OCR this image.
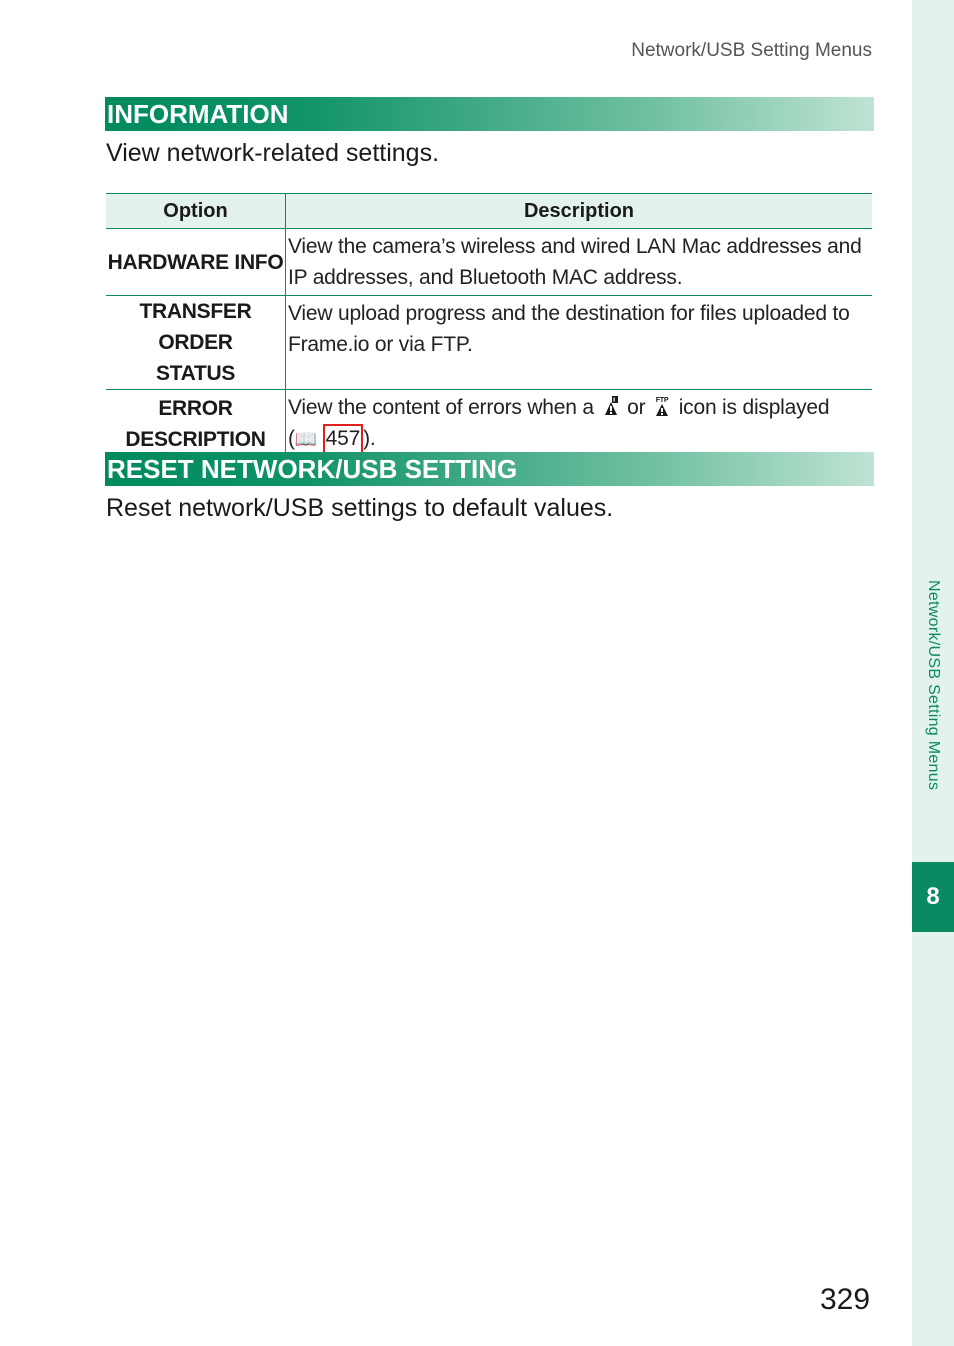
Network/USB Setting Menus
8
Network/USB Setting Menus
INFORMATION
View network-related settings.
Option	Description
HARDWARE INFO	View the camera’s wireless and wired LAN Mac addresses and IP addresses, and Bluetooth MAC address.
TRANSFER ORDER
STATUS	View upload progress and the destination for files uploaded to Frame.io or via FTP.
ERROR
DESCRIPTION	View the content of errors when a or FTP icon is displayed
(📖 457 ).
RESET NETWORK/USB SETTING
Reset network/USB settings to default values.
329
